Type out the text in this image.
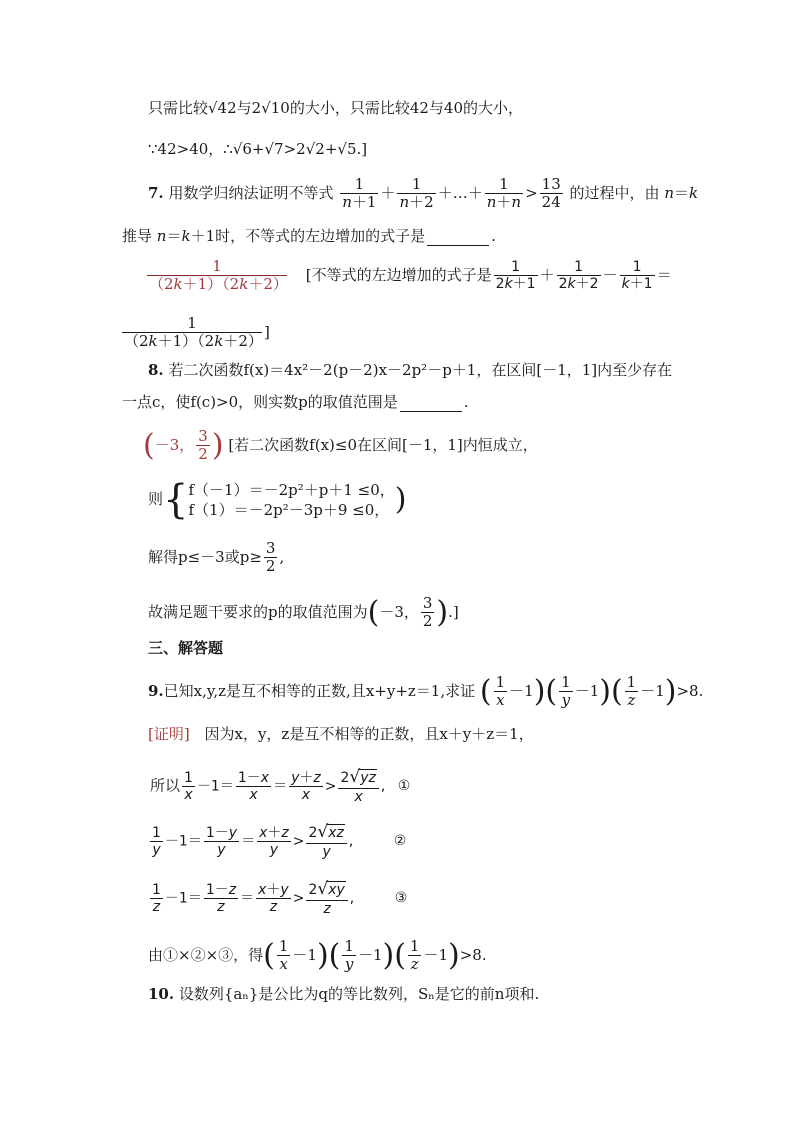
只需比较√42与2√10的大小，只需比较42与40的大小，
∵42>40，∴√6+√7>2√2+√5.]
7. 用数学归纳法证明不等式 $\frac{1}{n+1} + \frac{1}{n+2}$ ＋…＋ $\frac{1}{n+n} > \frac{13}{24}$ 的过程中，由 n＝k
推导 n＝k＋1时，不等式的左边增加的式子是	.
$\frac{1}{(2k+1)(2k+2)}$ [不等式的左边增加的式子是 $\frac{1}{2k+1} + \frac{1}{2k+2} - \frac{1}{k+1}$ ＝
$\frac{1}{(2k+1)(2k+2)}$ ]
8. 若二次函数f(x)＝4x²－2(p－2)x－2p²－p＋1，在区间[－1，1]内至少存在
一点c，使f(c)>0，则实数p的取值范围是	.
(－3， $\frac{3}{2}$ ) [若二次函数f(x)≤0在区间[－1，1]内恒成立，
则{ f（－1）＝－2p²＋p＋1 ≤0，
f（1）＝－2p²－3p＋9 ≤0， )
解得p≤－3或$p\ge \frac{3}{2}$ ,
故满足题干要求的p的取值范围为(－3， $\frac{3}{2}$ ).]
三、解答题
9.已知x,y,z是互不相等的正数,且x+y+z＝1,求证 ( $\frac{1}{x} -1)( \frac{1}{y} -1)( \frac{1}{z} -1)>8$.
[证明] 因为x，y，z是互不相等的正数，且x＋y＋z＝1，
所以 $\frac{1}{x} -1= \frac{1-x}{x} = \frac{y+z}{x} > \frac{2√yz}{x}$ , ①
$\frac{1}{y} -1= \frac{1-y}{y} = \frac{x+z}{y} > \frac{2√xz}{y}$ ,	②
$\frac{1}{z} -1= \frac{1-z}{z} = \frac{x+y}{z} > \frac{2√xy}{z}$ ,	③
由①×②×③，得( $\frac{1}{x} -1)( \frac{1}{y} -1)( \frac{1}{z} -1)>8$.
10. 设数列{aₙ}是公比为q的等比数列，Sₙ是它的前n项和.
